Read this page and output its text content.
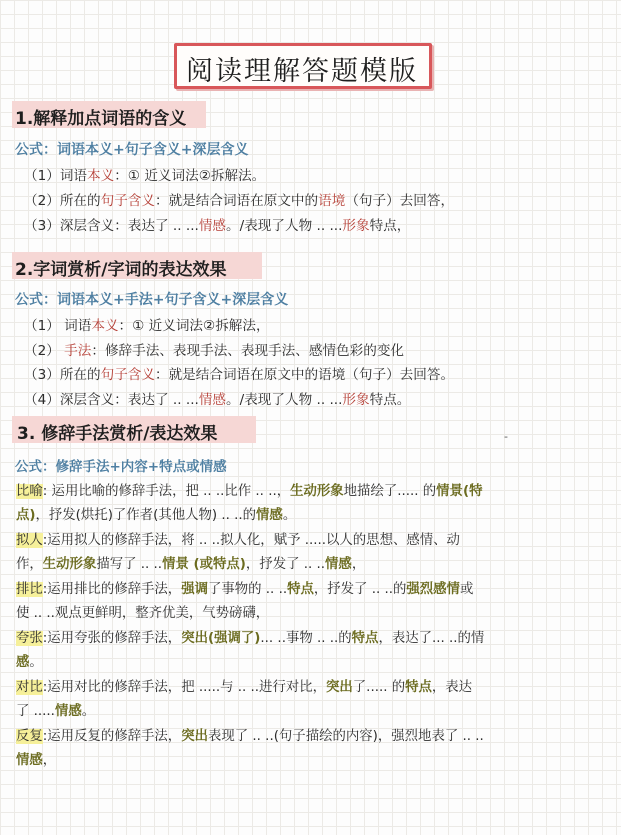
阅读理解答题模版
1.解释加点词语的含义
公式：词语本义+句子含义+深层含义
（1）词语本义：① 近义词法②拆解法。
（2）所在的句子含义：就是结合词语在原文中的语境（句子）去回答，
（3）深层含义：表达了 .. ...情感。/表现了人物 .. ...形象特点，
2.字词赏析/字词的表达效果
公式：词语本义+手法+句子含义+深层含义
（1） 词语本义：① 近义词法②拆解法，
（2） 手法：修辞手法、表现手法、表现手法、感情色彩的变化
（3）所在的句子含义：就是结合词语在原文中的语境（句子）去回答。
（4）深层含义：表达了 .. ...情感。/表现了人物 .. ...形象特点。
3. 修辞手法赏析/表达效果	-
公式：修辞手法+内容+特点或情感
比喻: 运用比喻的修辞手法，把 .. ..比作 .. ..，生动形象地描绘了..... 的情景(特
点)，抒发(烘托)了作者(其他人物) .. ..的情感。
拟人:运用拟人的修辞手法，将 .. ..拟人化，赋予 .....以人的思想、感情、动
作，生动形象描写了 .. ..情景 (或特点)，抒发了 .. ..情感，
排比:运用排比的修辞手法，强调了事物的 .. ..特点，抒发了 .. ..的强烈感情或
使 .. ..观点更鲜明，整齐优美，气势磅礴，
夸张:运用夸张的修辞手法，突出(强调了)... ..事物 .. ..的特点，表达了... ..的情
感。
对比:运用对比的修辞手法，把 .....与 .. ..进行对比，突出了..... 的特点，表达
了 .....情感。
反复:运用反复的修辞手法，突出表现了 .. ..(句子描绘的内容)，强烈地表了 .. ..
情感，
